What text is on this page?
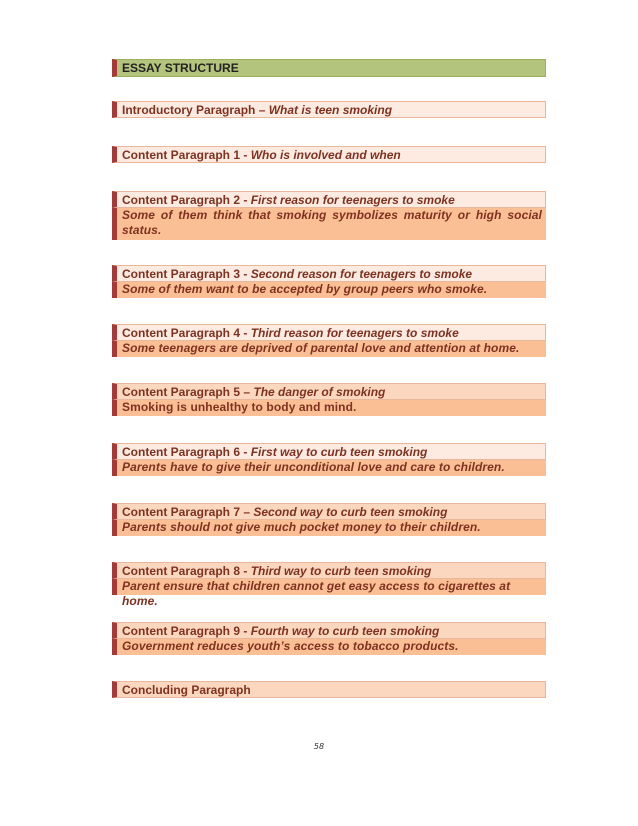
ESSAY STRUCTURE
Introductory Paragraph – What is teen smoking
Content Paragraph 1 - Who is involved and when
Content Paragraph 2 - First reason for teenagers to smoke
Some of them think that smoking symbolizes maturity or high social
status.
Content Paragraph 3 - Second reason for teenagers to smoke
Some of them want to be accepted by group peers who smoke.
Content Paragraph 4 - Third reason for teenagers to smoke
Some teenagers are deprived of parental love and attention at home.
Content Paragraph 5 – The danger of smoking
Smoking is unhealthy to body and mind.
Content Paragraph 6 - First way to curb teen smoking
Parents have to give their unconditional love and care to children.
Content Paragraph 7 – Second way to curb teen smoking
Parents should not give much pocket money to their children.
Content Paragraph 8 - Third way to curb teen smoking
Parent ensure that children cannot get easy access to cigarettes at home.
Content Paragraph 9 - Fourth way to curb teen smoking
Government reduces youth’s access to tobacco products.
Concluding Paragraph
58
